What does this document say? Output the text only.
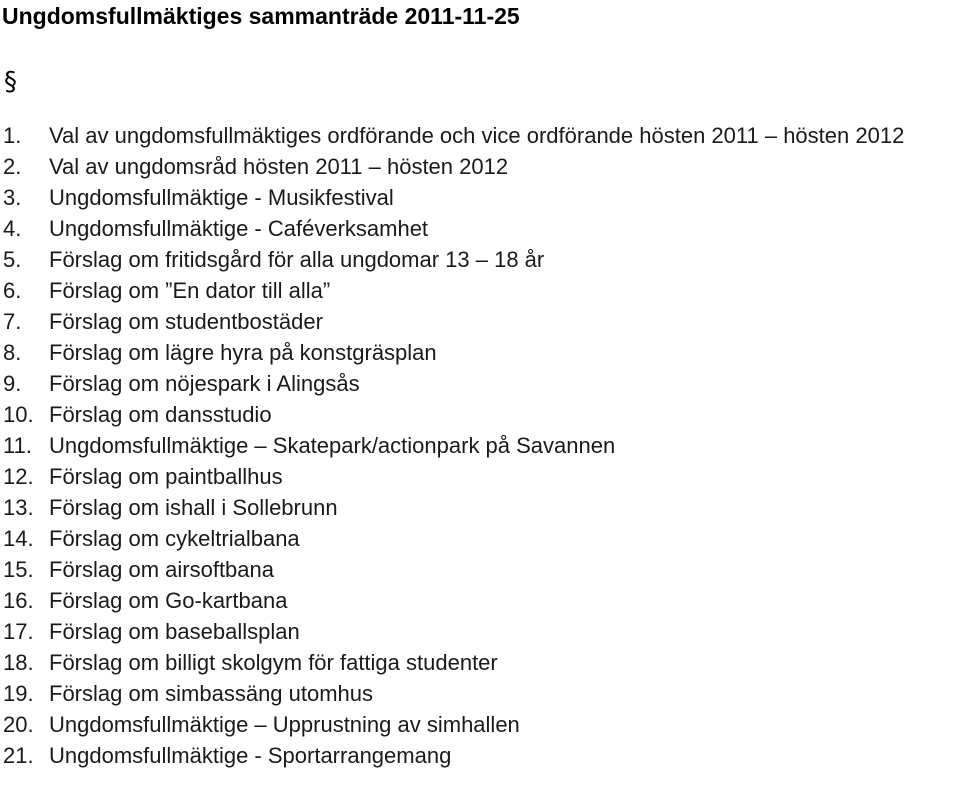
Ungdomsfullmäktiges sammanträde 2011-11-25
§
1. Val av ungdomsfullmäktiges ordförande och vice ordförande hösten 2011 – hösten 2012
2. Val av ungdomsråd hösten 2011 – hösten 2012
3. Ungdomsfullmäktige - Musikfestival
4. Ungdomsfullmäktige - Caféverksamhet
5. Förslag om fritidsgård för alla ungdomar 13 – 18 år
6. Förslag om ”En dator till alla”
7. Förslag om studentbostäder
8. Förslag om lägre hyra på konstgräsplan
9. Förslag om nöjespark i Alingsås
10. Förslag om dansstudio
11. Ungdomsfullmäktige – Skatepark/actionpark på Savannen
12. Förslag om paintballhus
13. Förslag om ishall i Sollebrunn
14. Förslag om cykeltrialbana
15. Förslag om airsoftbana
16. Förslag om Go-kartbana
17. Förslag om baseballsplan
18. Förslag om billigt skolgym för fattiga studenter
19. Förslag om simbassäng utomhus
20. Ungdomsfullmäktige – Upprustning av simhallen
21. Ungdomsfullmäktige - Sportarrangemang
